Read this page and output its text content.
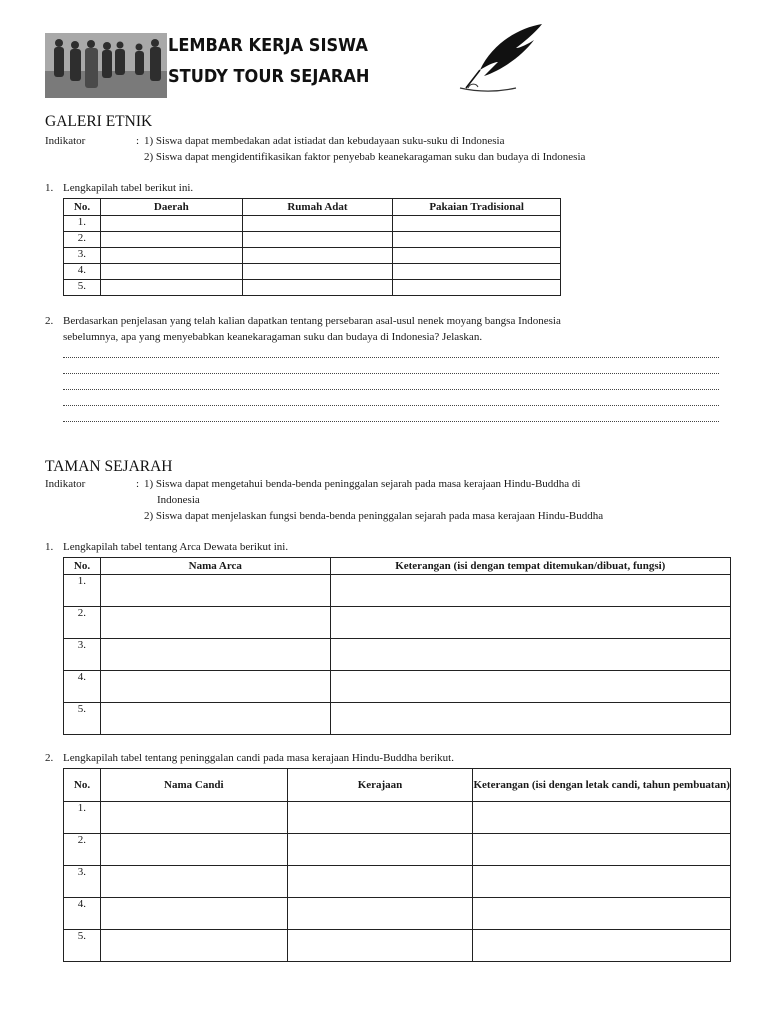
LEMBAR KERJA SISWA
STUDY TOUR SEJARAH
GALERI ETNIK
Indikator	: 1) Siswa dapat membedakan adat istiadat dan kebudayaan suku-suku di Indonesia
2) Siswa dapat mengidentifikasikan faktor penyebab keanekaragaman suku dan budaya di Indonesia
1. Lengkapilah tabel berikut ini.
No.	Daerah	Rumah Adat	Pakaian Tradisional
1.			
2.			
3.			
4.			
5.			
2. Berdasarkan penjelasan yang telah kalian dapatkan tentang persebaran asal-usul nenek moyang bangsa Indonesia
sebelumnya, apa yang menyebabkan keanekaragaman suku dan budaya di Indonesia? Jelaskan.
TAMAN SEJARAH
Indikator	: 1) Siswa dapat mengetahui benda-benda peninggalan sejarah pada masa kerajaan Hindu-Buddha di
Indonesia
2) Siswa dapat menjelaskan fungsi benda-benda peninggalan sejarah pada masa kerajaan Hindu-Buddha
1. Lengkapilah tabel tentang Arca Dewata berikut ini.
No.	Nama Arca	Keterangan (isi dengan tempat ditemukan/dibuat, fungsi)
1.		
2.		
3.		
4.		
5.		
2. Lengkapilah tabel tentang peninggalan candi pada masa kerajaan Hindu-Buddha berikut.
No.	Nama Candi	Kerajaan	Keterangan (isi dengan letak candi, tahun pembuatan)
1.			
2.			
3.			
4.			
5.			
